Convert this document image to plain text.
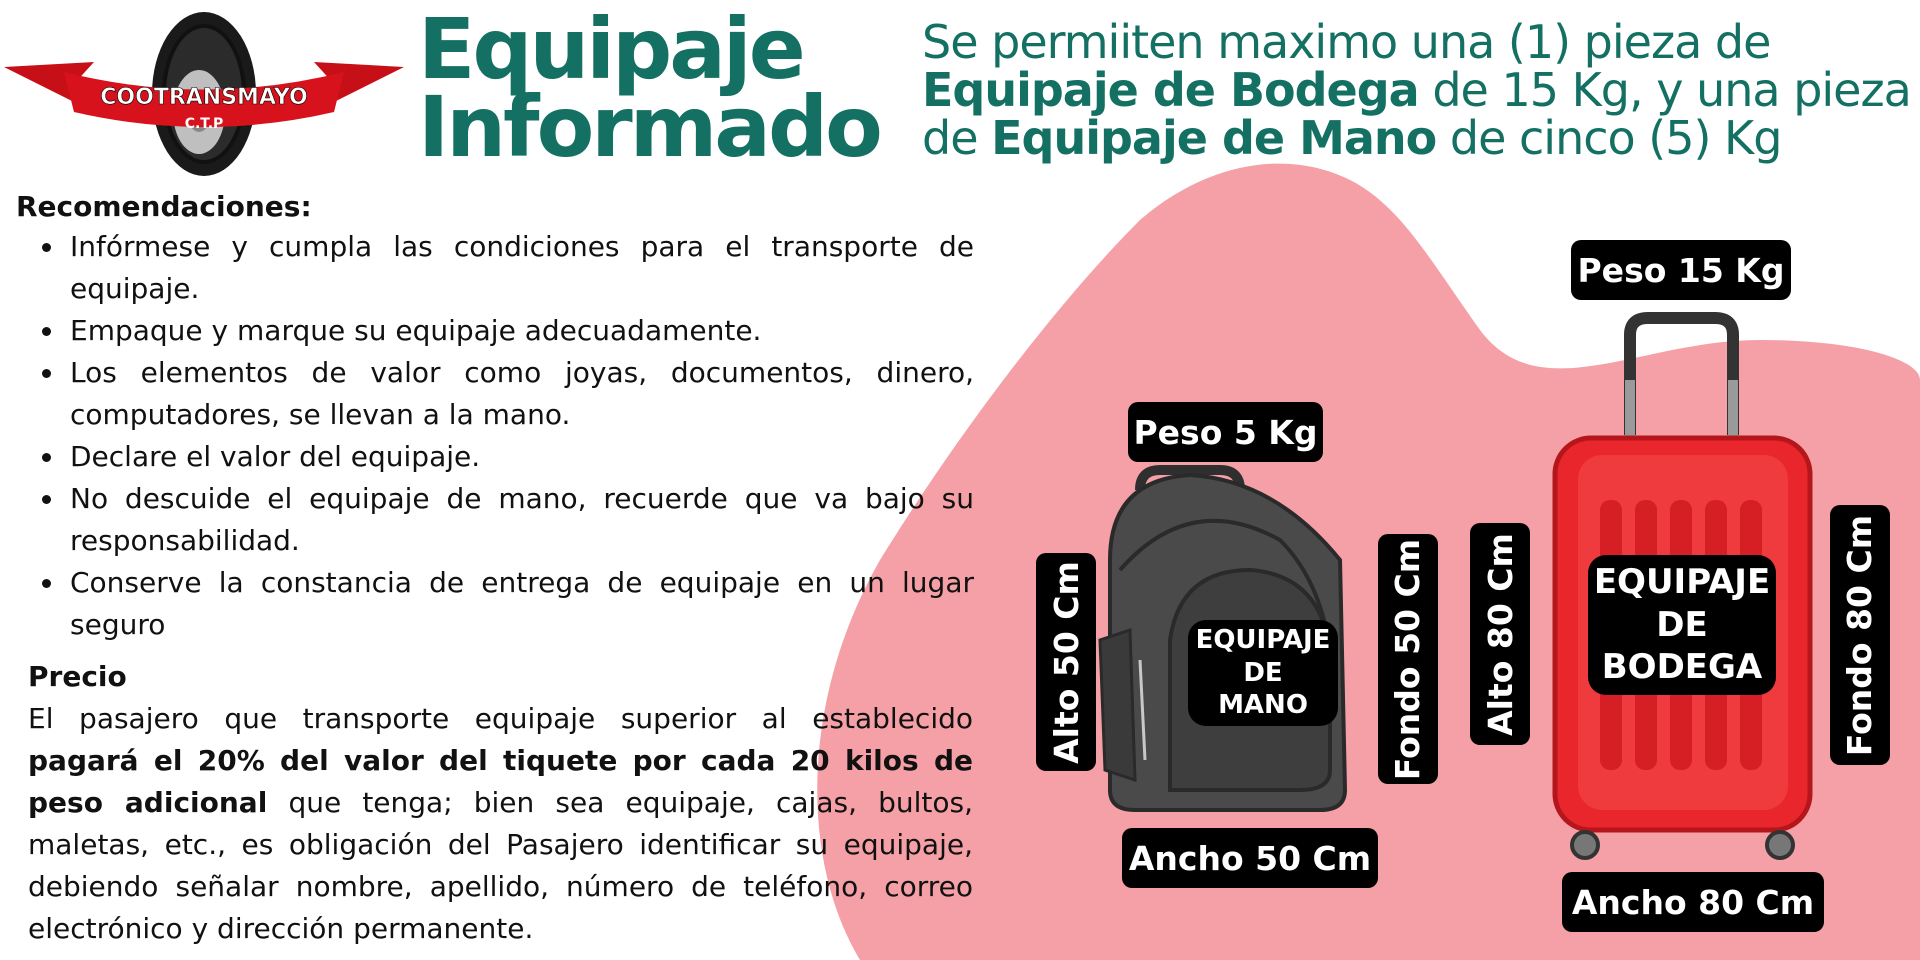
COOTRANSMAYO
C.T.P
Equipaje
Informado
Se permiiten maximo una (1) pieza de
Equipaje de Bodega de 15 Kg, y una pieza de Equipaje de Mano de cinco (5) Kg
Recomendaciones:
• Infórmese y cumpla las condiciones para el transporte de equipaje.
• Empaque y marque su equipaje adecuadamente.
• Los elementos de valor como joyas, documentos, dinero, computadores, se llevan a la mano.
• Declare el valor del equipaje.
• No descuide el equipaje de mano, recuerde que va bajo su responsabilidad.
• Conserve la constancia de entrega de equipaje en un lugar seguro
Precio

El pasajero que transporte equipaje superior al establecido pagará el 20% del valor del tiquete por cada 20 kilos de peso adicional que tenga; bien sea equipaje, cajas, bultos, maletas, etc., es obligación del Pasajero identificar su equipaje, debiendo señalar nombre, apellido, número de teléfono, correo electrónico y dirección permanente.

EQUIPAJE
DE
MANO
EQUIPAJE
DE
BODEGA
Peso 5 Kg
Alto 50 Cm	Fondo 50 Cm
Ancho 50 Cm
Peso 15 Kg
Alto 80 Cm	Fondo 80 Cm
Ancho 80 Cm
